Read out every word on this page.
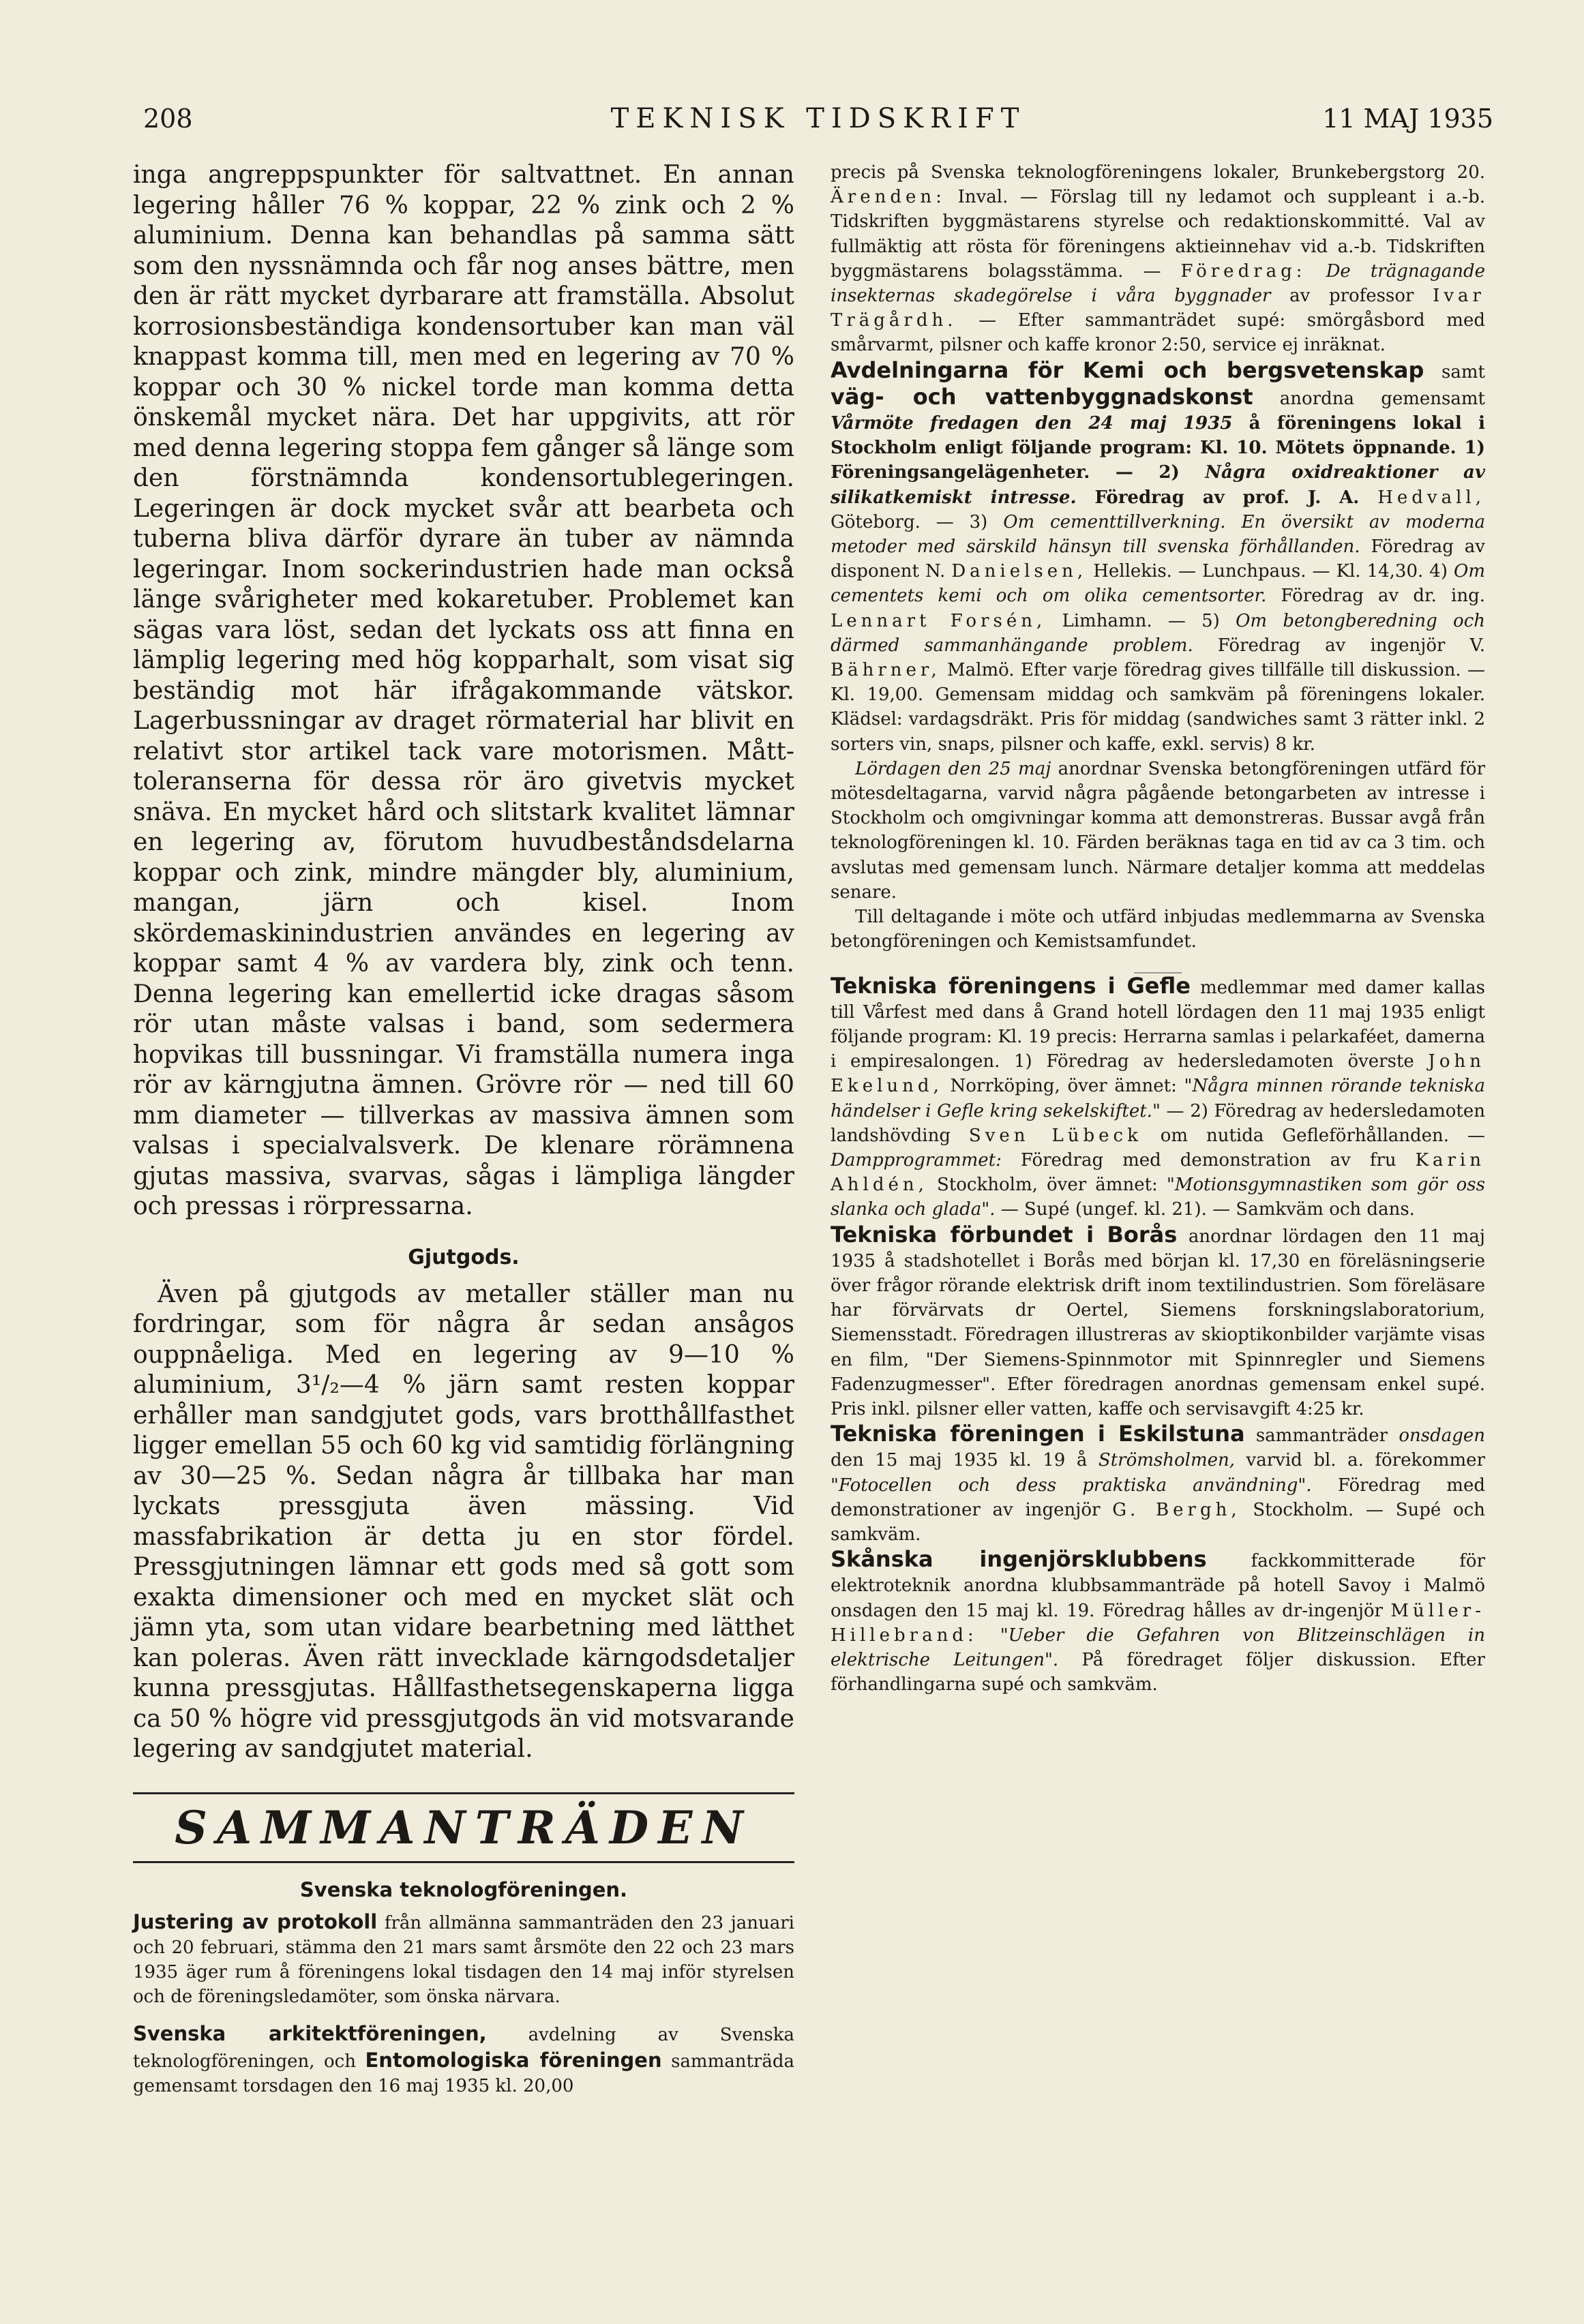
TEKNISK TIDSKRIFT
208	11 MAJ 1935

inga angreppspunkter för saltvattnet. En annan legering håller 76 % koppar, 22 % zink och 2 % aluminium. Denna kan behandlas på samma sätt som den nyssnämnda och får nog anses bättre, men den är rätt mycket dyrbarare att framställa. Absolut korrosionsbeständiga kondensortuber kan man väl knappast komma till, men med en legering av 70 % koppar och 30 % nickel torde man komma detta önskemål mycket nära. Det har uppgivits, att rör med denna legering stoppa fem gånger så länge som den förstnämnda kondensortublegeringen. Legeringen är dock mycket svår att bearbeta och tuberna bliva därför dyrare än tuber av nämnda legeringar. Inom sockerindustrien hade man också länge svårigheter med kokaretuber. Problemet kan sägas vara löst, sedan det lyckats oss att finna en lämplig legering med hög kopparhalt, som visat sig beständig mot här ifrågakommande vätskor. Lagerbussningar av draget rörmaterial har blivit en relativt stor artikel tack vare motorismen. Mått-toleranserna för dessa rör äro givetvis mycket snäva. En mycket hård och slitstark kvalitet lämnar en legering av, förutom huvudbeståndsdelarna koppar och zink, mindre mängder bly, aluminium, mangan, järn och kisel. Inom skördemaskinindustrien användes en legering av koppar samt 4 % av vardera bly, zink och tenn. Denna legering kan emellertid icke dragas såsom rör utan måste valsas i band, som sedermera hopvikas till bussningar. Vi framställa numera inga rör av kärngjutna ämnen. Grövre rör — ned till 60 mm diameter — tillverkas av massiva ämnen som valsas i specialvalsverk. De klenare rörämnena gjutas massiva, svarvas, sågas i lämpliga längder och pressas i rörpressarna.

Gjutgods.

Även på gjutgods av metaller ställer man nu fordringar, som för några år sedan ansågos ouppnåeliga. Med en legering av 9—10 % aluminium, 3¹/₂—4 % järn samt resten koppar erhåller man sandgjutet gods, vars brotthållfasthet ligger emellan 55 och 60 kg vid samtidig förlängning av 30—25 %. Sedan några år tillbaka har man lyckats pressgjuta även mässing. Vid massfabrikation är detta ju en stor fördel. Pressgjutningen lämnar ett gods med så gott som exakta dimensioner och med en mycket slät och jämn yta, som utan vidare bearbetning med lätthet kan poleras. Även rätt invecklade kärngodsdetaljer kunna pressgjutas. Hållfasthetsegenskaperna ligga ca 50 % högre vid pressgjutgods än vid motsvarande legering av sandgjutet material.

SAMMANTRÄDEN
Svenska teknologföreningen.

Justering av protokoll från allmänna sammanträden den 23 januari och 20 februari, stämma den 21 mars samt årsmöte den 22 och 23 mars 1935 äger rum å föreningens lokal tisdagen den 14 maj inför styrelsen och de föreningsledamöter, som önska närvara.

Svenska arkitektföreningen, avdelning av Svenska teknologföreningen, och Entomologiska föreningen sammanträda gemensamt torsdagen den 16 maj 1935 kl. 20,00

precis på Svenska teknologföreningens lokaler, Brunkebergstorg 20. Ärenden: Inval. — Förslag till ny ledamot och suppleant i a.-b. Tidskriften byggmästarens styrelse och redaktionskommitté. Val av fullmäktig att rösta för föreningens aktieinnehav vid a.-b. Tidskriften byggmästarens bolagsstämma. — Föredrag: De trägnagande insekternas skadegörelse i våra byggnader av professor Ivar Trägårdh. — Efter sammanträdet supé: smörgåsbord med smårvarmt, pilsner och kaffe kronor 2:50, service ej inräknat.

Avdelningarna för Kemi och bergsvetenskap samt väg- och vattenbyggnadskonst anordna gemensamt Vårmöte fredagen den 24 maj 1935 å föreningens lokal i Stockholm enligt följande program: Kl. 10. Mötets öppnande. 1) Föreningsangelägenheter. — 2) Några oxidreaktioner av silikatkemiskt intresse. Föredrag av prof. J. A. Hedvall, Göteborg. — 3) Om cementtillverkning. En översikt av moderna metoder med särskild hänsyn till svenska förhållanden. Föredrag av disponent N. Danielsen, Hellekis. — Lunchpaus. — Kl. 14,30. 4) Om cementets kemi och om olika cementsorter. Föredrag av dr. ing. Lennart Forsén, Limhamn. — 5) Om betongberedning och därmed sammanhängande problem. Föredrag av ingenjör V. Bährner, Malmö. Efter varje föredrag gives tillfälle till diskussion. — Kl. 19,00. Gemensam middag och samkväm på föreningens lokaler. Klädsel: vardagsdräkt. Pris för middag (sandwiches samt 3 rätter inkl. 2 sorters vin, snaps, pilsner och kaffe, exkl. servis) 8 kr.

Lördagen den 25 maj anordnar Svenska betongföreningen utfärd för mötesdeltagarna, varvid några pågående betongarbeten av intresse i Stockholm och omgivningar komma att demonstreras. Bussar avgå från teknologföreningen kl. 10. Färden beräknas taga en tid av ca 3 tim. och avslutas med gemensam lunch. Närmare detaljer komma att meddelas senare.

Till deltagande i möte och utfärd inbjudas medlemmarna av Svenska betongföreningen och Kemistsamfundet.

Tekniska föreningens i Gefle medlemmar med damer kallas till Vårfest med dans å Grand hotell lördagen den 11 maj 1935 enligt följande program: Kl. 19 precis: Herrarna samlas i pelarkaféet, damerna i empiresalongen. 1) Föredrag av hedersledamoten överste John Ekelund, Norrköping, över ämnet: "Några minnen rörande tekniska händelser i Gefle kring sekelskiftet." — 2) Föredrag av hedersledamoten landshövding Sven Lübeck om nutida Gefleförhållanden. — Dampprogrammet: Föredrag med demonstration av fru Karin Ahldén, Stockholm, över ämnet: "Motionsgymnastiken som gör oss slanka och glada". — Supé (ungef. kl. 21). — Samkväm och dans.

Tekniska förbundet i Borås anordnar lördagen den 11 maj 1935 å stadshotellet i Borås med början kl. 17,30 en föreläsningserie över frågor rörande elektrisk drift inom textilindustrien. Som föreläsare har förvärvats dr Oertel, Siemens forskningslaboratorium, Siemensstadt. Föredragen illustreras av skioptikonbilder varjämte visas en film, "Der Siemens-Spinnmotor mit Spinnregler und Siemens Fadenzugmesser". Efter föredragen anordnas gemensam enkel supé. Pris inkl. pilsner eller vatten, kaffe och servisavgift 4:25 kr.

Tekniska föreningen i Eskilstuna sammanträder onsdagen den 15 maj 1935 kl. 19 å Strömsholmen, varvid bl. a. förekommer "Fotocellen och dess praktiska användning". Föredrag med demonstrationer av ingenjör G. Bergh, Stockholm. — Supé och samkväm.

Skånska ingenjörsklubbens fackkommitterade för elektroteknik anordna klubbsammanträde på hotell Savoy i Malmö onsdagen den 15 maj kl. 19. Föredrag hålles av dr-ingenjör Müller-Hillebrand: "Ueber die Gefahren von Blitzeinschlägen in elektrische Leitungen". På föredraget följer diskussion. Efter förhandlingarna supé och samkväm.
